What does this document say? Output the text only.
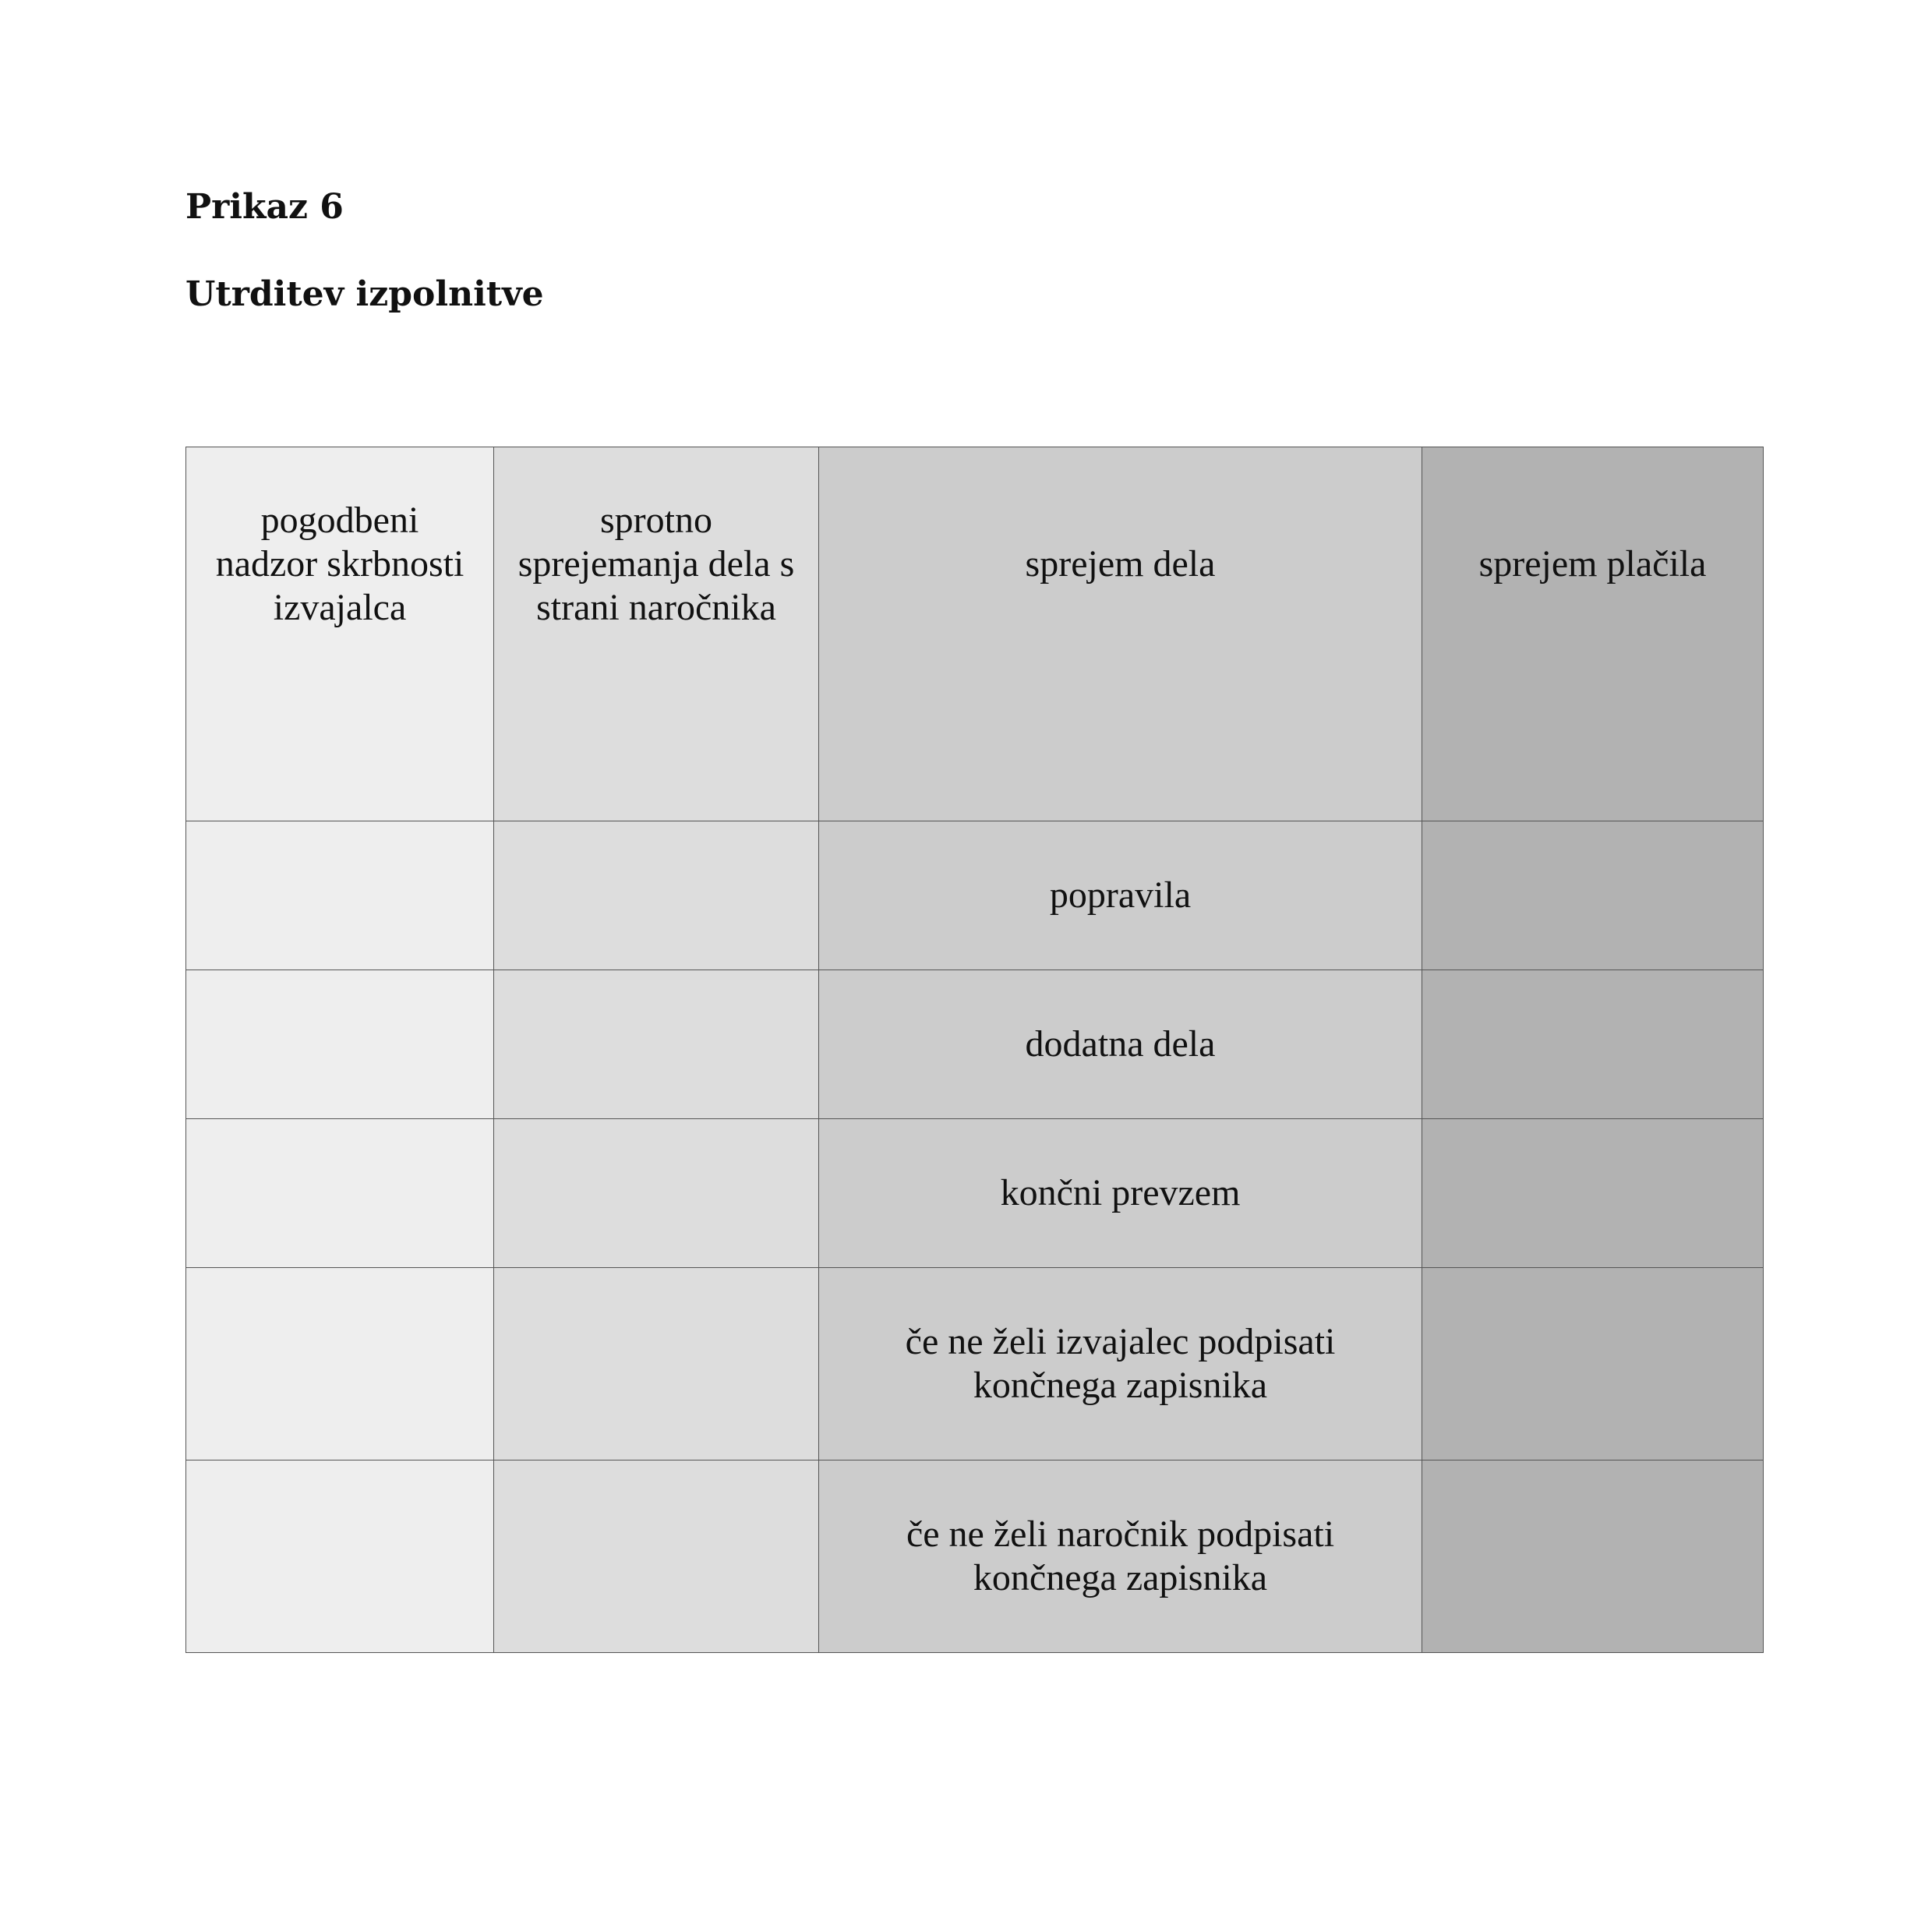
Prikaz 6
Utrditev izpolnitve
pogodbeni nadzor skrbnosti izvajalca	sprotno sprejemanja dela s strani naročnika	sprejem dela	sprejem plačila
		popravila	
		dodatna dela	
		končni prevzem	
		če ne želi izvajalec podpisati končnega zapisnika	
		če ne želi naročnik podpisati končnega zapisnika	
